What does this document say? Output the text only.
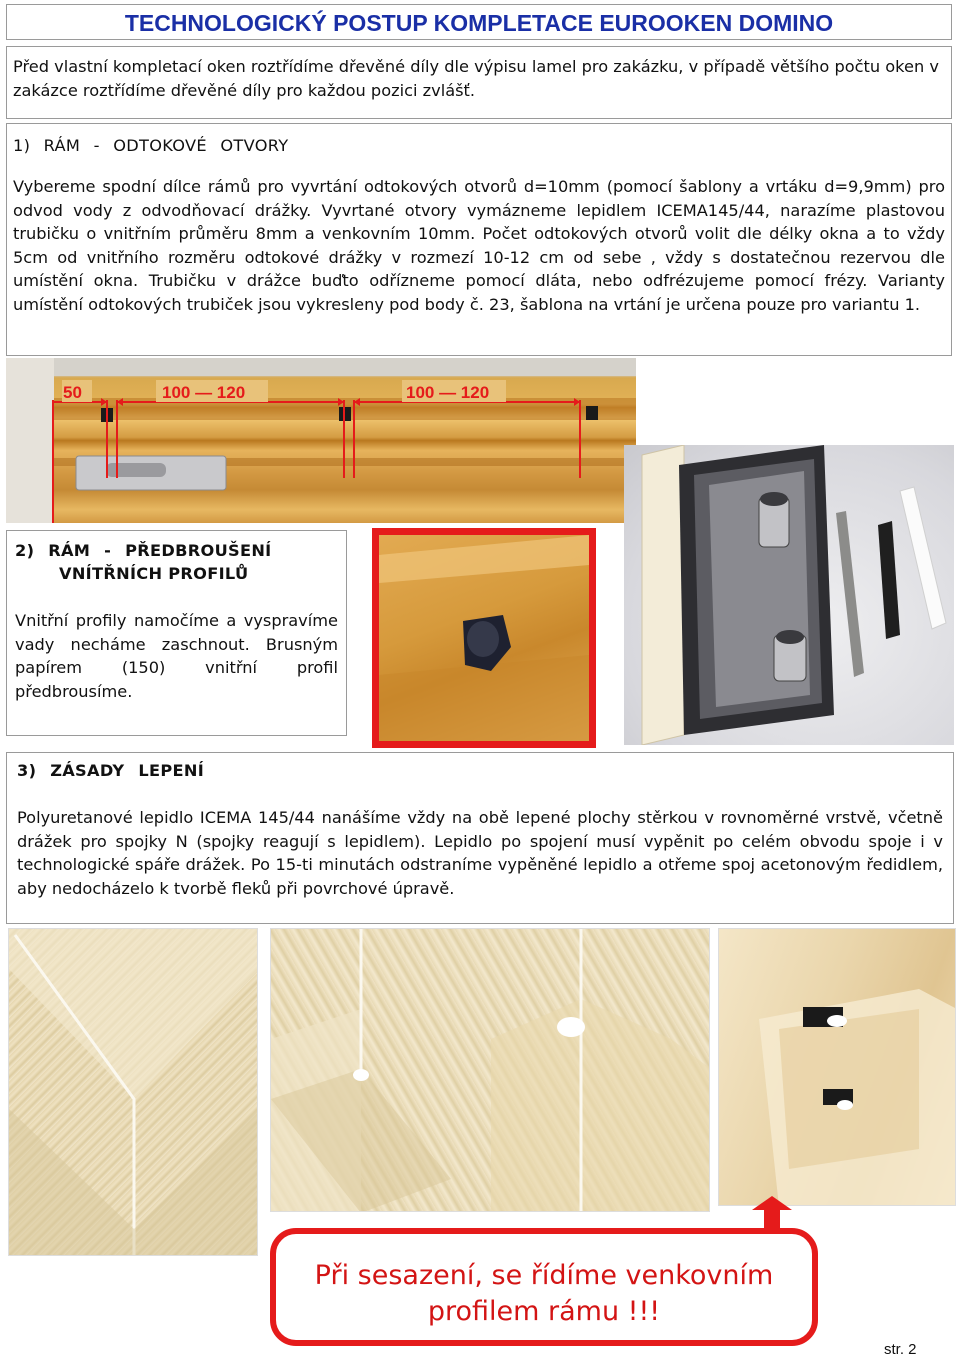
TECHNOLOGICKÝ POSTUP KOMPLETACE EUROOKEN DOMINO
Před vlastní kompletací oken roztřídíme dřevěné díly dle výpisu lamel pro zakázku, v případě většího počtu oken v zakázce roztřídíme dřevěné díly pro každou pozici zvlášť.
1) RÁM - ODTOKOVÉ OTVORY
Vybereme spodní dílce rámů pro vyvrtání odtokových otvorů d=10mm (pomocí šablony a vrtáku d=9,9mm) pro odvod vody z odvodňovací drážky. Vyvrtané otvory vymázneme lepidlem ICEMA145/44, narazíme plastovou trubičku o vnitřním průměru 8mm a venkovním 10mm. Počet odtokových otvorů volit dle délky okna a to vždy 5cm od vnitřního rozměru odtokové drážky v rozmezí 10-12 cm od sebe , vždy s dostatečnou rezervou dle umístění okna. Trubičku v drážce buďto odřízneme pomocí dláta, nebo odfrézujeme pomocí frézy. Varianty umístění odtokových trubiček jsou vykresleny pod body č. 23, šablona na vrtání je určena pouze pro variantu 1.
50	100 — 120	100 — 120
2) RÁM - PŘEDBROUŠENÍ
VNÍTŘNÍCH PROFILŮ
Vnitřní profily namočíme a vyspravíme vady necháme zaschnout. Brusným papírem (150) vnitřní profil předbrousíme.
3) ZÁSADY LEPENÍ
Polyuretanové lepidlo ICEMA 145/44 nanášíme vždy na obě lepené plochy stěrkou v rovnoměrné vrstvě, včetně drážek pro spojky N (spojky reagují s lepidlem). Lepidlo po spojení musí vypěnit po celém obvodu spoje i v technologické spáře drážek. Po 15-ti minutách odstraníme vypěněné lepidlo a otřeme spoj acetonovým ředidlem, aby nedocházelo k tvorbě fleků při povrchové úpravě.
Při sesazení, se řídíme venkovním
profilem rámu !!!
str. 2
